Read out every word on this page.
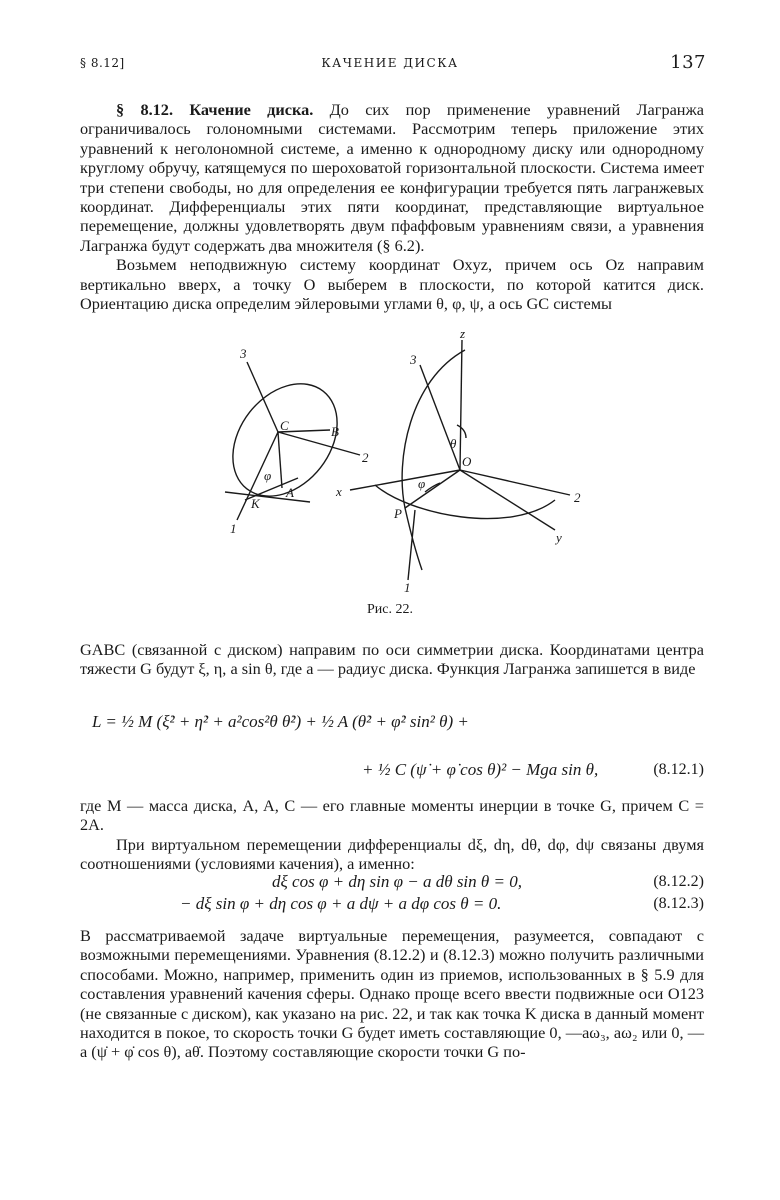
§ 8.12]	КАЧЕНИЕ ДИСКА	137

§ 8.12. Качение диска. До сих пор применение уравнений Лагранжа ограничивалось голономными системами. Рассмотрим теперь приложение этих уравнений к неголономной системе, а именно к однородному диску или однородному круглому обручу, катящемуся по шероховатой горизонтальной плоскости. Система имеет три степени свободы, но для определения ее конфигурации требуется пять лагранжевых координат. Дифференциалы этих пяти координат, представляющие виртуальное перемещение, должны удовлетворять двум пфаффовым уравнениям связи, а уравнения Лагранжа будут содержать два множителя (§ 6.2).

Возьмем неподвижную систему координат Oxyz, причем ось Oz направим вертикально вверх, а точку O выберем в плоскости, по которой катится диск. Ориентацию диска определим эйлеровыми углами θ, φ, ψ, а ось GC системы

3
1
2
C	B
K
A
φ
z
x
y
3
1
2
O
P
θ
φ
Рис. 22.

GABC (связанной с диском) направим по оси симметрии диска. Координатами центра тяжести G будут ξ, η, a sin θ, где a — радиус диска. Функция Лагранжа запишется в виде

L = ½ M (ξ̇² + η̇² + a²cos²θ θ̇²) + ½ A (θ̇² + φ̇² sin² θ) +
+ ½ C (ψ̇ + φ̇ cos θ)² − Mga sin θ,	(8.12.1)

где M — масса диска, A, A, C — его главные моменты инерции в точке G, причем C = 2A.

При виртуальном перемещении дифференциалы dξ, dη, dθ, dφ, dψ связаны двумя соотношениями (условиями качения), а именно:

dξ cos φ + dη sin φ − a dθ sin θ = 0,	(8.12.2)
− dξ sin φ + dη cos φ + a dψ + a dφ cos θ = 0.	(8.12.3)

В рассматриваемой задаче виртуальные перемещения, разумеется, совпадают с возможными перемещениями. Уравнения (8.12.2) и (8.12.3) можно получить различными способами. Можно, например, применить один из приемов, использованных в § 5.9 для составления уравнений качения сферы. Однако проще всего ввести подвижные оси O123 (не связанные с диском), как указано на рис. 22, и так как точка K диска в данный момент находится в покое, то скорость точки G будет иметь составляющие 0, —aω₃, aω₂ или 0, —a (ψ̇ + φ̇ cos θ), aθ̇. Поэтому составляющие скорости точки G по-
